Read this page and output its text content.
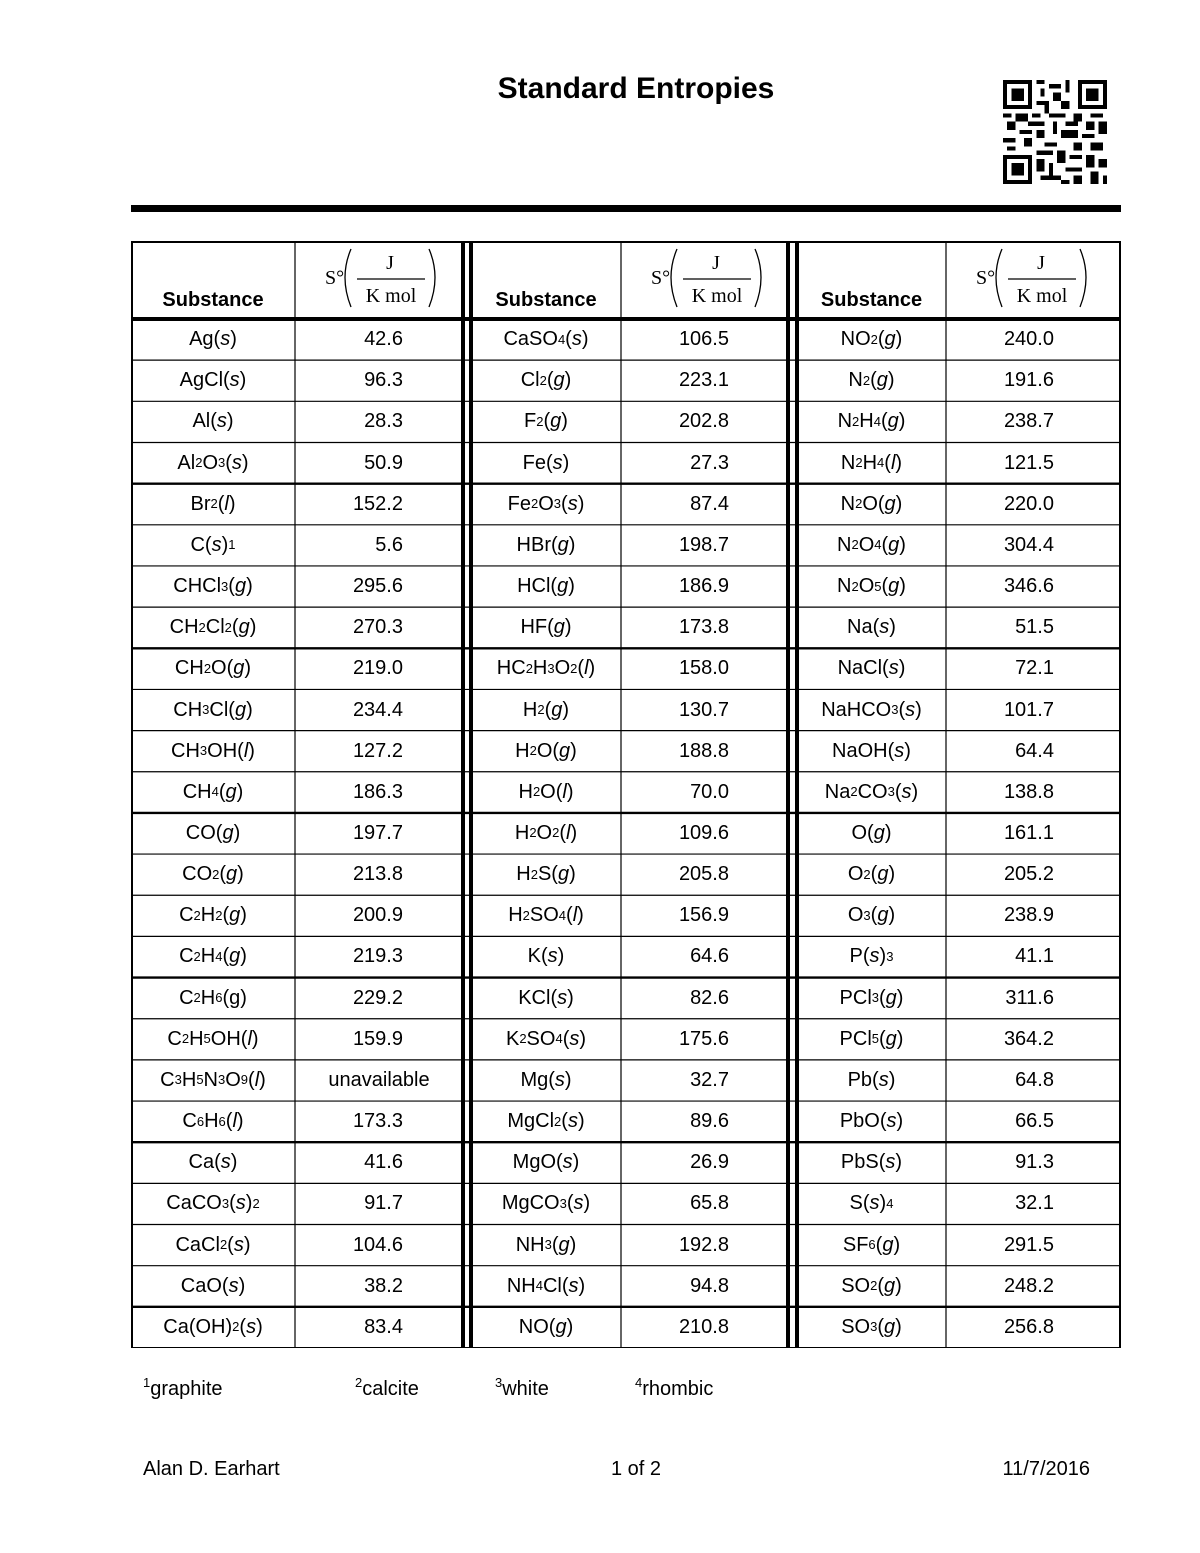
Standard Entropies
Substance
S°
J
K mol
Ag( s )	42.6
AgCl( s )	96.3
Al( s )	28.3
Al 2 O 3 ( s )	50.9
Br 2 ( l )	152.2
C( s ) 1	5.6
CHCl 3 ( g )	295.6
CH 2 Cl 2 ( g )	270.3
CH 2 O( g )	219.0
CH 3 Cl( g )	234.4
CH 3 OH( l )	127.2
CH 4 ( g )	186.3
CO( g )	197.7
CO 2 ( g )	213.8
C 2 H 2 ( g )	200.9
C 2 H 4 ( g )	219.3
C 2 H 6 (g)	229.2
C 2 H 5 OH( l )	159.9
C 3 H 5 N 3 O 9 ( l )	unavailable
C 6 H 6 ( l )	173.3
Ca( s )	41.6
CaCO 3 ( s ) 2	91.7
CaCl 2 ( s )	104.6
CaO( s )	38.2
Ca(OH) 2 ( s )	83.4
Substance
S°
J
K mol
CaSO 4 ( s )	106.5
Cl 2 ( g )	223.1
F 2 ( g )	202.8
Fe( s )	27.3
Fe 2 O 3 ( s )	87.4
HBr( g )	198.7
HCl( g )	186.9
HF( g )	173.8
HC 2 H 3 O 2 ( l )	158.0
H 2 ( g )	130.7
H 2 O( g )	188.8
H 2 O( l )	70.0
H 2 O 2 ( l )	109.6
H 2 S( g )	205.8
H 2 SO 4 ( l )	156.9
K( s )	64.6
KCl( s )	82.6
K 2 SO 4 ( s )	175.6
Mg( s )	32.7
MgCl 2 ( s )	89.6
MgO( s )	26.9
MgCO 3 ( s )	65.8
NH 3 ( g )	192.8
NH 4 Cl( s )	94.8
NO( g )	210.8
Substance
S°
J
K mol
NO 2 ( g )	240.0
N 2 ( g )	191.6
N 2 H 4 ( g )	238.7
N 2 H 4 ( l )	121.5
N 2 O( g )	220.0
N 2 O 4 ( g )	304.4
N 2 O 5 ( g )	346.6
Na( s )	51.5
NaCl( s )	72.1
NaHCO 3 ( s )	101.7
NaOH( s )	64.4
Na 2 CO 3 ( s )	138.8
O( g )	161.1
O 2 ( g )	205.2
O 3 ( g )	238.9
P( s ) 3	41.1
PCl 3 ( g )	311.6
PCl 5 ( g )	364.2
Pb( s )	64.8
PbO( s )	66.5
PbS( s )	91.3
S( s ) 4	32.1
SF 6 ( g )	291.5
SO 2 ( g )	248.2
SO 3 ( g )	256.8
$^1$graphite	$^2$calcite	$^3$white	$^4$rhombic
Alan D. Earhart	1 of 2	11/7/2016
